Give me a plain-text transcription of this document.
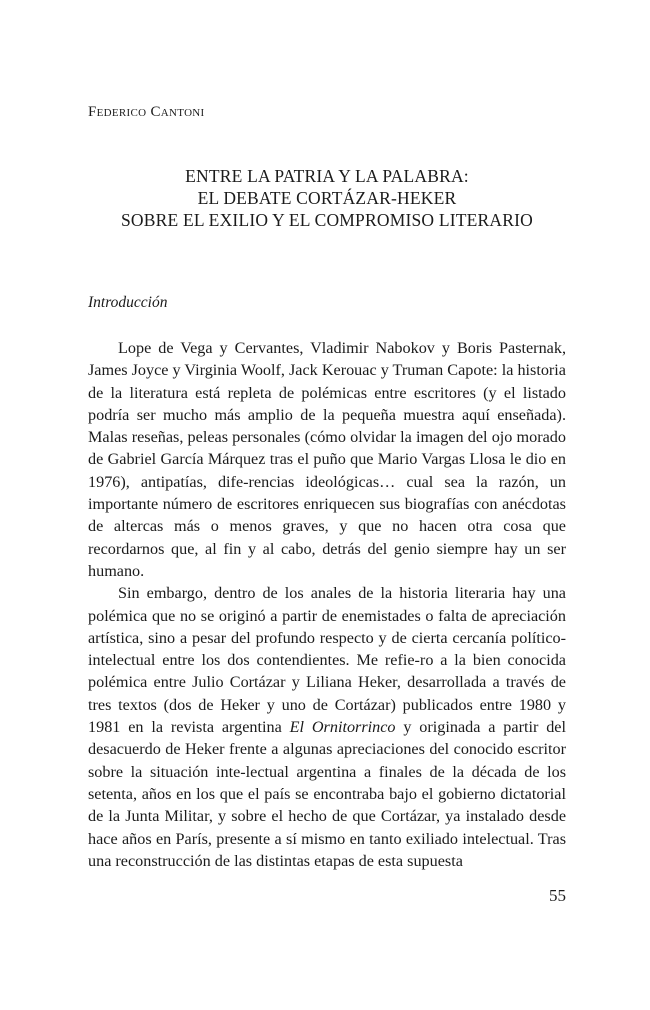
Federico Cantoni
ENTRE LA PATRIA Y LA PALABRA:
EL DEBATE CORTÁZAR-HEKER
SOBRE EL EXILIO Y EL COMPROMISO LITERARIO
Introducción

Lope de Vega y Cervantes, Vladimir Nabokov y Boris Pasternak, James Joyce y Virginia Woolf, Jack Kerouac y Truman Capote: la historia de la literatura está repleta de polémicas entre escritores (y el listado podría ser mucho más amplio de la pequeña muestra aquí enseñada). Malas reseñas, peleas personales (cómo olvidar la imagen del ojo morado de Gabriel García Márquez tras el puño que Mario Vargas Llosa le dio en 1976), antipatías, dife-rencias ideológicas… cual sea la razón, un importante número de escritores enriquecen sus biografías con anécdotas de altercas más o menos graves, y que no hacen otra cosa que recordarnos que, al fin y al cabo, detrás del genio siempre hay un ser humano.

Sin embargo, dentro de los anales de la historia literaria hay una polémica que no se originó a partir de enemistades o falta de apreciación artística, sino a pesar del profundo respecto y de cierta cercanía político-intelectual entre los dos contendientes. Me refie-ro a la bien conocida polémica entre Julio Cortázar y Liliana Heker, desarrollada a través de tres textos (dos de Heker y uno de Cortázar) publicados entre 1980 y 1981 en la revista argentina El Ornitorrinco y originada a partir del desacuerdo de Heker frente a algunas apreciaciones del conocido escritor sobre la situación inte-lectual argentina a finales de la década de los setenta, años en los que el país se encontraba bajo el gobierno dictatorial de la Junta Militar, y sobre el hecho de que Cortázar, ya instalado desde hace años en París, presente a sí mismo en tanto exiliado intelectual. Tras una reconstrucción de las distintas etapas de esta supuesta

55
